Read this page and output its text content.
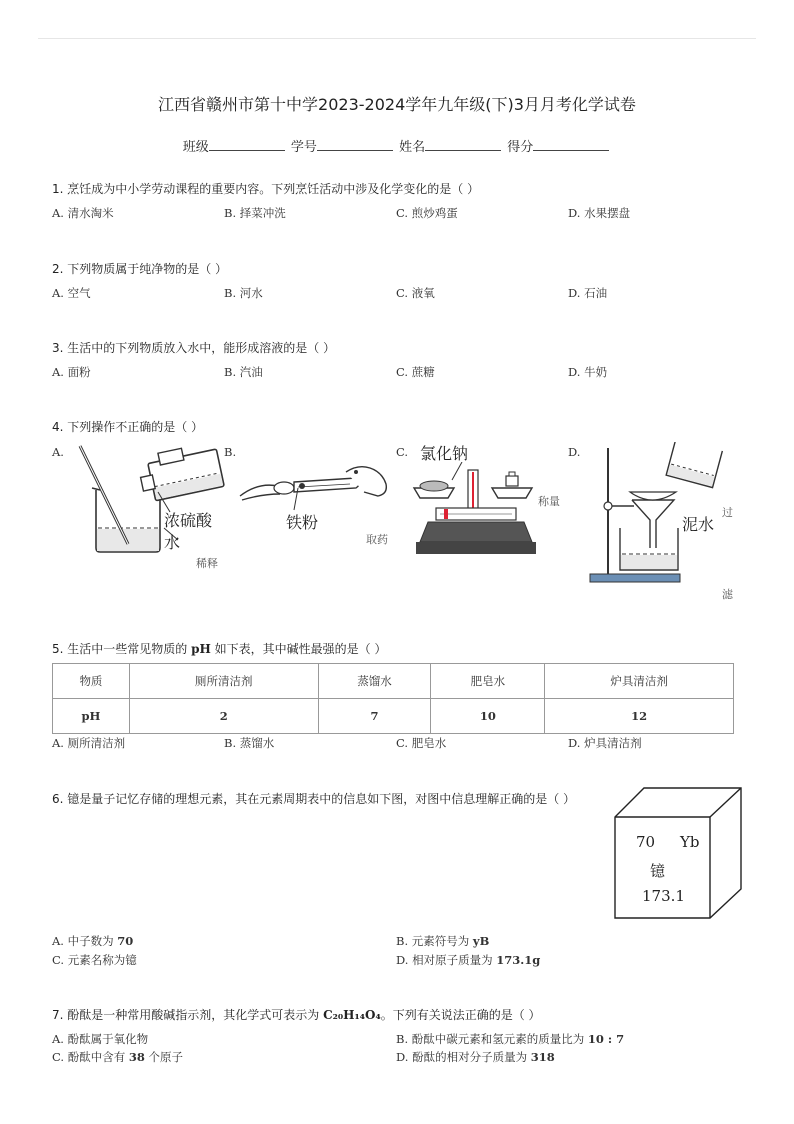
江西省赣州市第十中学2023-2024学年九年级(下)3月月考化学试卷
班级	学号	姓名	得分
1. 烹饪成为中小学劳动课程的重要内容。下列烹饪活动中涉及化学变化的是（ ）
A. 清水淘米	B. 择菜冲洗	C. 煎炒鸡蛋	D. 水果摆盘
2. 下列物质属于纯净物的是（ ）
A. 空气	B. 河水	C. 液氧	D. 石油
3. 生活中的下列物质放入水中，能形成溶液的是（ ）
A. 面粉	B. 汽油	C. 蔗糖	D. 牛奶
4. 下列操作不正确的是（ ）
A.	B.	C.	D.
浓硫酸
水
稀释
铁粉
取药
氯化钠
称量
泥水
过
滤
5. 生活中一些常见物质的 pH 如下表，其中碱性最强的是（ ）
物质	厕所清洁剂	蒸馏水	肥皂水	炉具清洁剂
pH	2	7	10	12
A. 厕所清洁剂	B. 蒸馏水	C. 肥皂水	D. 炉具清洁剂
6. 镱是量子记忆存储的理想元素，其在元素周期表中的信息如下图，对图中信息理解正确的是（ ）
70 Yb
镱
173.1
A. 中子数为 70	B. 元素符号为 yB
C. 元素名称为镱	D. 相对原子质量为 173.1g
7. 酚酞是一种常用酸碱指示剂，其化学式可表示为 C₂₀H₁₄O₄。下列有关说法正确的是（ ）
A. 酚酞属于氧化物	B. 酚酞中碳元素和氢元素的质量比为 10 : 7
C. 酚酞中含有 38 个原子	D. 酚酞的相对分子质量为 318
